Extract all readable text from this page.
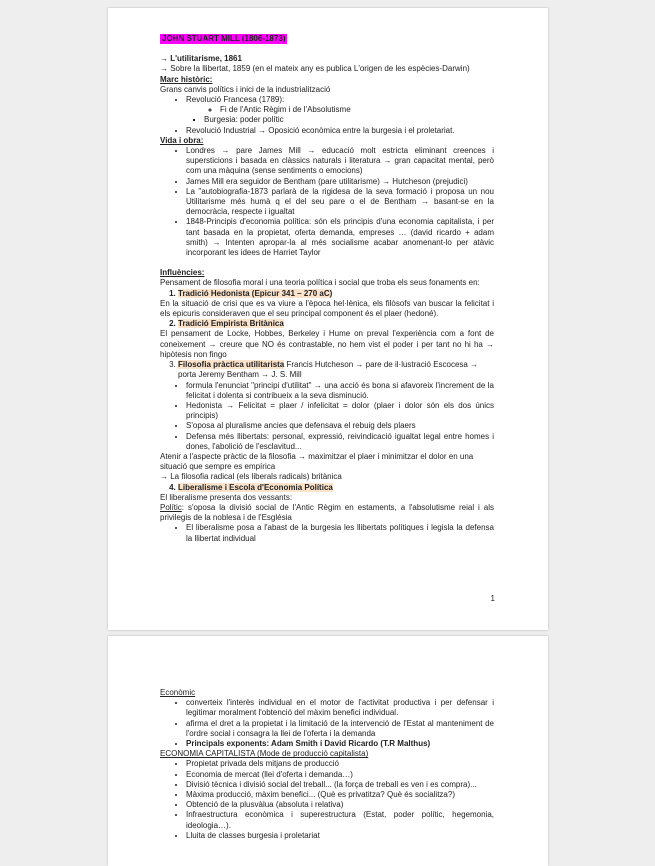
JOHN STUART MILL (1806-1873)

→ L'utilitarisme, 1861

→ Sobre la llibertat, 1859 (en el mateix any es publica L'origen de les espècies-Darwin)

Marc històric:

Grans canvis polítics i inici de la industrialització

• Revolució Francesa (1789):
◦ Fi de l'Antic Règim i de l'Absolutisme
▪ Burgesia: poder polític
• Revolució Industrial → Oposició econòmica entre la burgesia i el proletariat.

Vida i obra:

• Londres → pare James Mill → educació molt estricta eliminant creences i supersticions i basada en clàssics naturals i literatura → gran capacitat mental, però com una màquina (sense sentiments o emocions)
• James Mill era seguidor de Bentham (pare utilitarisme) → Hutcheson (prejudici)
• La "autobiografia-1873 parlarà de la rigidesa de la seva formació i proposa un nou Utilitarisme més humà q el del seu pare o el de Bentham → basant-se en la democràcia, respecte i igualtat
• 1848-Principis d'economia política: són els principis d'una economia capitalista, i per tant basada en la propietat, oferta demanda, empreses … (david ricardo + adam smith) → Intenten apropar-la al més socialisme acabar anomenant-lo per atàvic incorporant les idees de Harriet Taylor

Influències:

Pensament de filosofia moral i una teoria política i social que troba els seus fonaments en:

1. Tradició Hedonista (Epicur 341 – 270 aC)

En la situació de crisi que es va viure a l'època hel·lènica, els filòsofs van buscar la felicitat i els epicuris consideraven que el seu principal component és el plaer (hedoné).

2. Tradició Empirista Britànica

El pensament de Locke, Hobbes, Berkeley i Hume on preval l'experiència com a font de coneixement → creure que NO és contrastable, no hem vist el poder i per tant no hi ha → hipòtesis non fingo

3. Filosofia pràctica utilitarista Francis Hutcheson → pare de il·lustració Escocesa → porta Jeremy Bentham → J. S. Mill
• formula l'enunciat "principi d'utilitat" → una acció és bona si afavoreix l'increment de la felicitat i dolenta si contribueix a la seva disminució.
• Hedonista → Felicitat = plaer / infelicitat = dolor (plaer i dolor són els dos únics principis)
• S'oposa al pluralisme ancies que defensava el rebuig dels plaers
• Defensa més llibertats: personal, expressió, reivindicació igualtat legal entre homes i dones, l'abolició de l'esclavitud...

Atenir a l'aspecte pràctic de la filosofia → maximitzar el plaer i minimitzar el dolor en una situació que sempre es empírica

→ La filosofia radical (els liberals radicals) britànica

4. Liberalisme i Escola d'Economia Política

El liberalisme presenta dos vessants:

Polític: s'oposa la divisió social de l'Antic Règim en estaments, a l'absolutisme reial i als privilegis de la noblesa i de l'Església

• El liberalisme posa a l'abast de la burgesia les llibertats polítiques i legisla la defensa la llibertat individual
1

Econòmic

• converteix l'interès individual en el motor de l'activitat productiva i per defensar i legitimar moralment l'obtenció del màxim benefici individual.
• afirma el dret a la propietat i la limitació de la intervenció de l'Estat al manteniment de l'ordre social i consagra la llei de l'oferta i la demanda
• Principals exponents: Adam Smith i David Ricardo (T.R Malthus)

ECONOMIA CAPITALISTA (Mode de producció capitalista)

• Propietat privada dels mitjans de producció
• Economia de mercat (llei d'oferta i demanda…)
• Divisió tècnica i divisió social del treball... (la força de treball es ven i es compra)...
• Màxima producció, màxim benefici... (Què es privatitza? Què és socialitza?)
• Obtenció de la plusvàlua (absoluta i relativa)
• Infraestructura econòmica i superestructura (Estat, poder polític, hegemonia, ideologia…).
• Lluita de classes burgesia i proletariat
